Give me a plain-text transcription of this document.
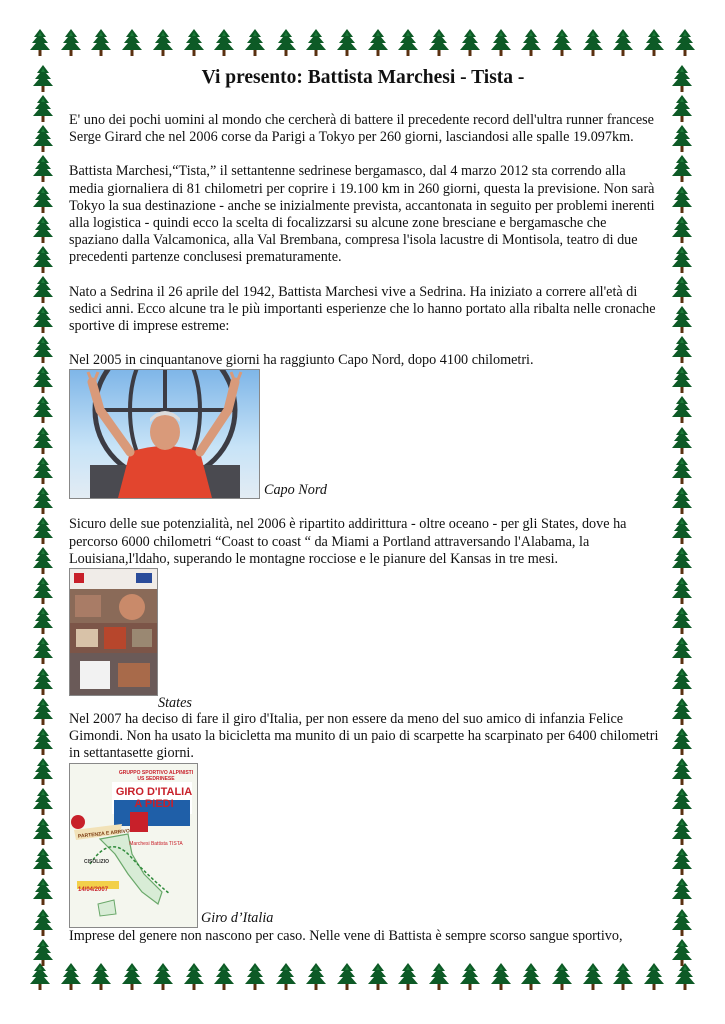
Vi presento: Battista Marchesi - Tista -

E' uno dei pochi uomini al mondo che cercherà di battere il precedente record dell'ultra runner francese Serge Girard che nel 2006 corse da Parigi a Tokyo per 260 giorni, lasciandosi alle spalle 19.097km.

Battista Marchesi,“Tista,” il settantenne sedrinese bergamasco, dal 4 marzo 2012 sta correndo alla media giornaliera di 81 chilometri per coprire i 19.100 km in 260 giorni, questa la previsione. Non sarà Tokyo la sua destinazione - anche se inizialmente prevista, accantonata in seguito per problemi inerenti alla logistica - quindi ecco la scelta di focalizzarsi su alcune zone bresciane e bergamasche che spaziano dalla Valcamonica, alla Val Brembana, compresa l'isola lacustre di Montisola, teatro di due precedenti partenze conclusesi prematuramente.

Nato a Sedrina il 26 aprile del 1942, Battista Marchesi vive a Sedrina. Ha iniziato a correre all'età di sedici anni. Ecco alcune tra le più importanti esperienze che lo hanno portato alla ribalta nelle cronache sportive di imprese estreme:

Nel 2005 in cinquantanove giorni ha raggiunto Capo Nord, dopo 4100 chilometri.

Capo Nord

Sicuro delle sue potenzialità, nel 2006 è ripartito addirittura - oltre oceano - per gli States, dove ha percorso 6000 chilometri “Coast to coast “ da Miami a Portland attraversando l'Alabama, la Louisiana,l'ldaho, superando le montagne rocciose e le pianure del Kansas in tre mesi.

States

Nel 2007 ha deciso di fare il giro d'Italia, per non essere da meno del suo amico di infanzia Felice Gimondi. Non ha usato la bicicletta ma munito di un paio di scarpette ha scarpinato per 6400 chilometri in settantasette giorni.

GRUPPO SPORTIVO ALPINISTI
US SEDRINESE
GIRO D'ITALIA
A PIEDI
PARTENZA E ARRIVO
Marchesi Battista TISTA
CISOLIZIO
14/04/2007
Giro d’Italia

Imprese del genere non nascono per caso. Nelle vene di Battista è sempre scorso sangue sportivo,
